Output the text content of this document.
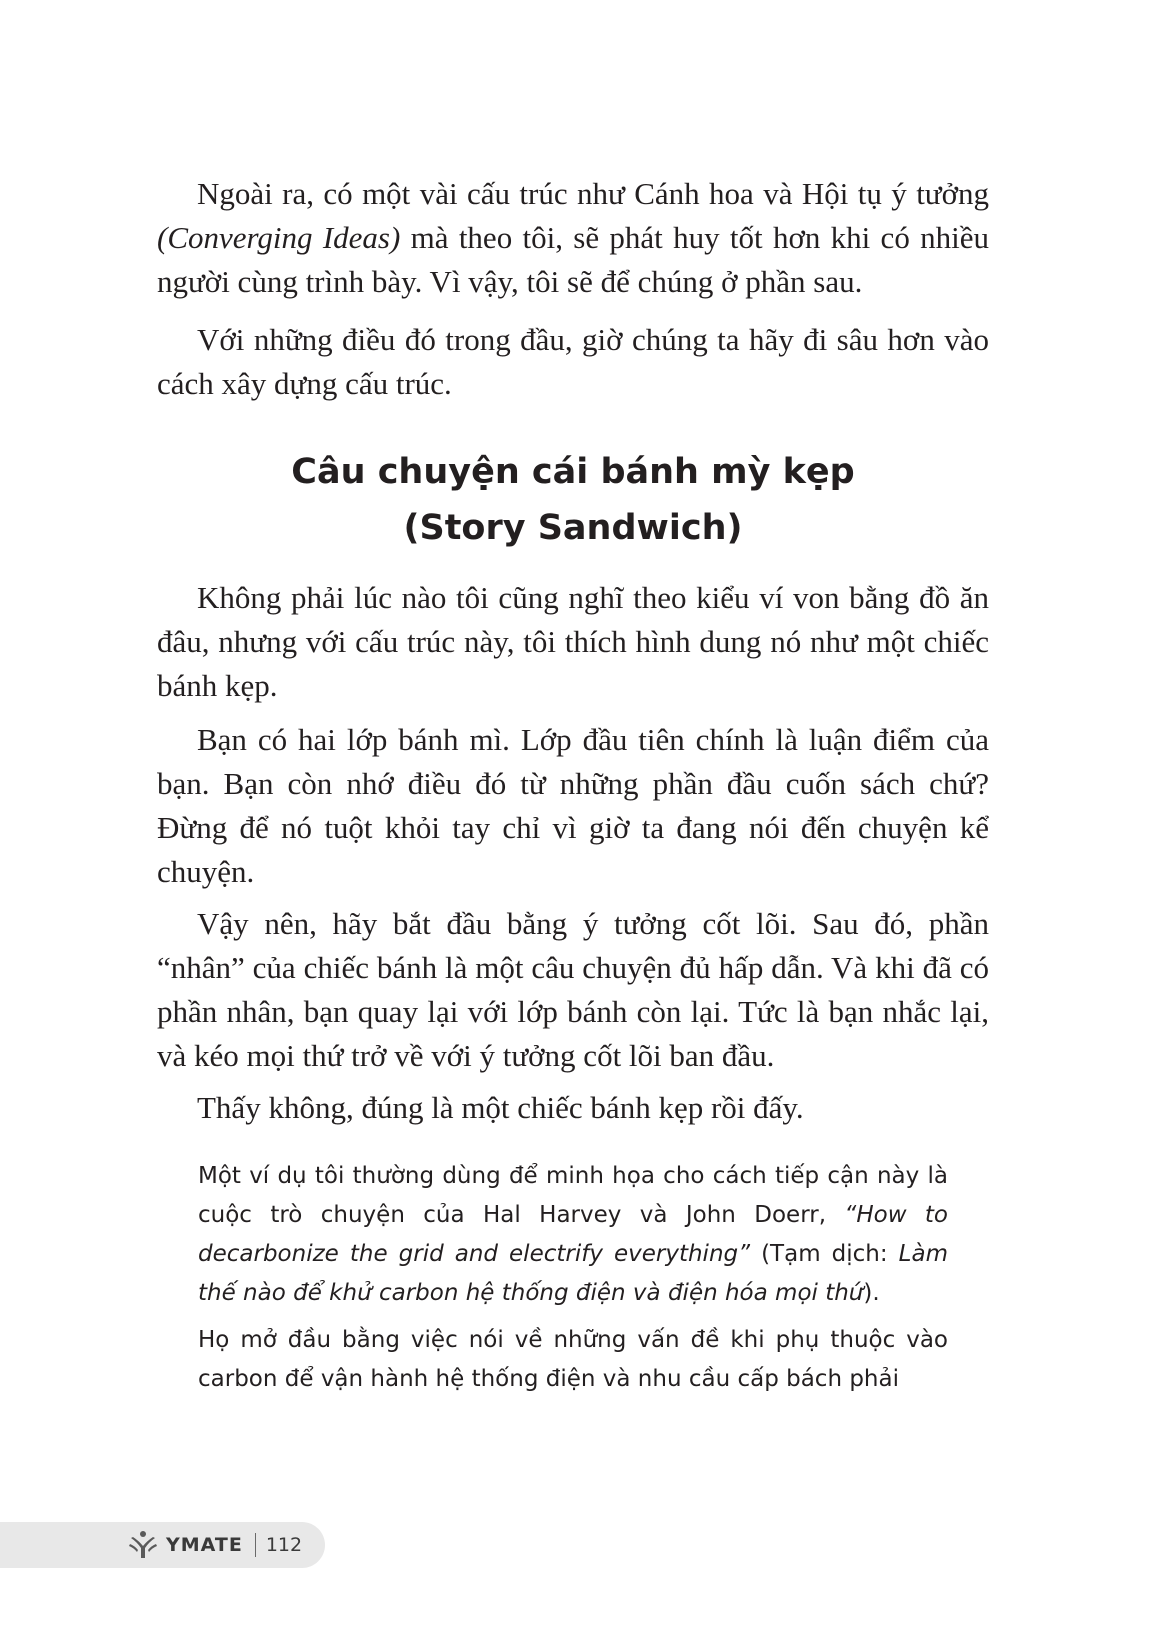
Ngoài ra, có một vài cấu trúc như Cánh hoa và Hội tụ ý tưởng (Converging Ideas) mà theo tôi, sẽ phát huy tốt hơn khi có nhiều người cùng trình bày. Vì vậy, tôi sẽ để chúng ở phần sau.

Với những điều đó trong đầu, giờ chúng ta hãy đi sâu hơn vào cách xây dựng cấu trúc.

Câu chuyện cái bánh mỳ kẹp
(Story Sandwich)

Không phải lúc nào tôi cũng nghĩ theo kiểu ví von bằng đồ ăn đâu, nhưng với cấu trúc này, tôi thích hình dung nó như một chiếc bánh kẹp.

Bạn có hai lớp bánh mì. Lớp đầu tiên chính là luận điểm của bạn. Bạn còn nhớ điều đó từ những phần đầu cuốn sách chứ? Đừng để nó tuột khỏi tay chỉ vì giờ ta đang nói đến chuyện kể chuyện.

Vậy nên, hãy bắt đầu bằng ý tưởng cốt lõi. Sau đó, phần “nhân” của chiếc bánh là một câu chuyện đủ hấp dẫn. Và khi đã có phần nhân, bạn quay lại với lớp bánh còn lại. Tức là bạn nhắc lại, và kéo mọi thứ trở về với ý tưởng cốt lõi ban đầu.

Thấy không, đúng là một chiếc bánh kẹp rồi đấy.

Một ví dụ tôi thường dùng để minh họa cho cách tiếp cận này là cuộc trò chuyện của Hal Harvey và John Doerr, “How to decarbonize the grid and electrify everything” (Tạm dịch: Làm thế nào để khử carbon hệ thống điện và điện hóa mọi thứ).

Họ mở đầu bằng việc nói về những vấn đề khi phụ thuộc vào carbon để vận hành hệ thống điện và nhu cầu cấp bách phải

YMATE 112
